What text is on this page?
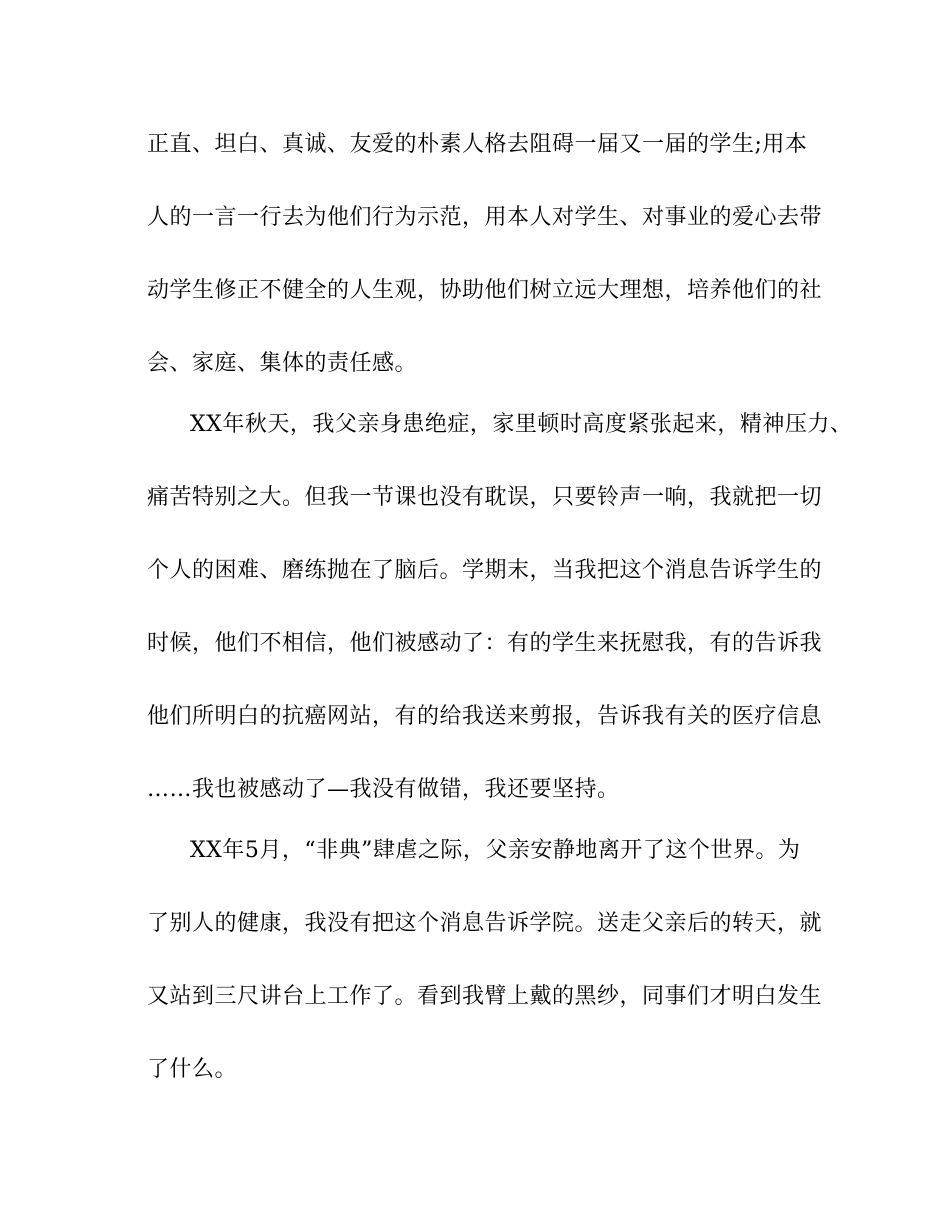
正直、坦白、真诚、友爱的朴素人格去阻碍一届又一届的学生;用本
人的一言一行去为他们行为示范，用本人对学生、对事业的爱心去带
动学生修正不健全的人生观，协助他们树立远大理想，培养他们的社
会、家庭、集体的责任感。
XX年秋天，我父亲身患绝症，家里顿时高度紧张起来，精神压力、
痛苦特别之大。但我一节课也没有耽误，只要铃声一响，我就把一切
个人的困难、磨练抛在了脑后。学期末，当我把这个消息告诉学生的
时候，他们不相信，他们被感动了：有的学生来抚慰我，有的告诉我
他们所明白的抗癌网站，有的给我送来剪报，告诉我有关的医疗信息
……我也被感动了—我没有做错，我还要坚持。
XX年5月，“非典”肆虐之际，父亲安静地离开了这个世界。为
了别人的健康，我没有把这个消息告诉学院。送走父亲后的转天，就
又站到三尺讲台上工作了。看到我臂上戴的黑纱，同事们才明白发生
了什么。
